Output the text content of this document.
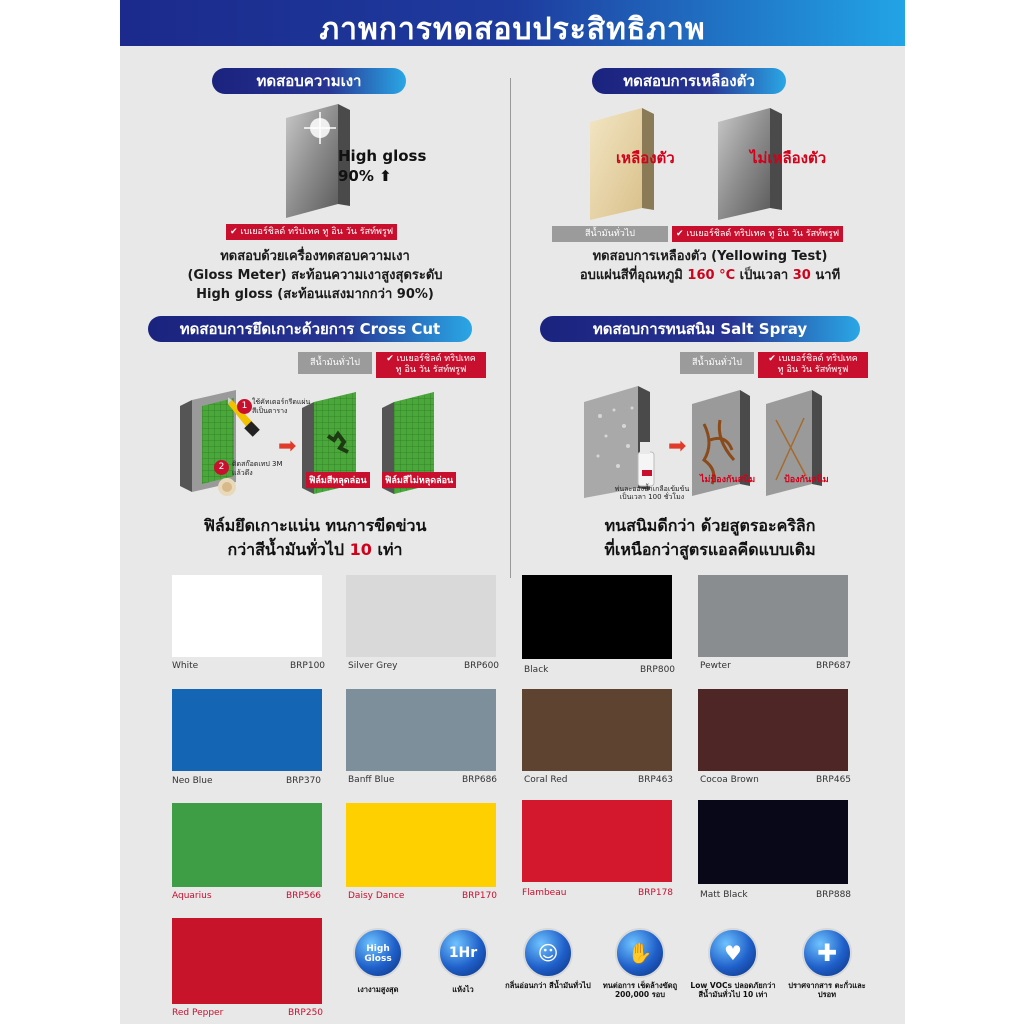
ภาพการทดสอบประสิทธิภาพ
ทดสอบความเงา
High gloss
90% ⬆
✔ เบเยอร์ชิลด์ ทริปเทค ทู อิน วัน รัสท์พรูฟ
ทดสอบด้วยเครื่องทดสอบความเงา
(Gloss Meter) สะท้อนความเงาสูงสุดระดับ
High gloss (สะท้อนแสงมากกว่า 90%)
ทดสอบการเหลืองตัว
เหลืองตัว	ไม่เหลืองตัว
สีน้ำมันทั่วไป	✔ เบเยอร์ชิลด์ ทริปเทค ทู อิน วัน รัสท์พรูฟ
ทดสอบการเหลืองตัว (Yellowing Test)
อบแผ่นสีที่อุณหภูมิ 160 °C เป็นเวลา 30 นาที
ทดสอบการยึดเกาะด้วยการ Cross Cut
สีน้ำมันทั่วไป	✔ เบเยอร์ชิลด์ ทริปเทค
ทู อิน วัน รัสท์พรูฟ
1 ใช้คัทเตอร์กรีดแผ่นสีเป็นตาราง
2	ติดสก๊อตเทป 3M แล้วดึง
➡
ฟิล์มสีหลุดล่อน	ฟิล์มสีไม่หลุดล่อน
ฟิล์มยึดเกาะแน่น ทนการขีดข่วน
กว่าสีน้ำมันทั่วไป 10 เท่า
ทดสอบการทนสนิม Salt Spray
สีน้ำมันทั่วไป	✔ เบเยอร์ชิลด์ ทริปเทค
ทู อิน วัน รัสท์พรูฟ
➡
พ่นละอองน้ำเกลือเข้มข้น
เป็นเวลา 100 ชั่วโมง
ไม่ป้องกันสนิม	ป้องกันสนิม
ทนสนิมดีกว่า ด้วยสูตรอะคริลิก
ที่เหนือกว่าสูตรแอลคีดแบบเดิม
White	BRP100	Silver Grey	BRP600	Black	BRP800	Pewter	BRP687
Neo Blue	BRP370	Banff Blue	BRP686	Coral Red	BRP463	Cocoa Brown	BRP465
Aquarius	BRP566	Daisy Dance	BRP170	Flambeau	BRP178	Matt Black	BRP888
Red Pepper	BRP250
High Gloss
เงางามสูงสุด
1Hr
แห้งไว
☺
กลิ่นอ่อนกว่า สีน้ำมันทั่วไป
✋
ทนต่อการ เช็ดล้างขัดถู 200,000 รอบ
♥
Low VOCs ปลอดภัยกว่า สีน้ำมันทั่วไป 10 เท่า
✚
ปราศจากสาร ตะกั่วและปรอท
